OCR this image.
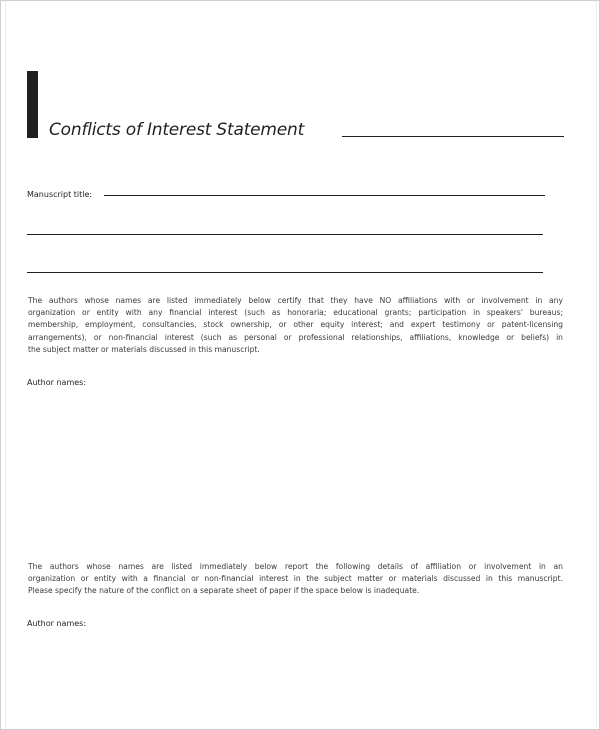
Conflicts of Interest Statement
Manuscript title:
The authors whose names are listed immediately below certify that they have NO affiliations with or involvement in any
organization or entity with any financial interest (such as honoraria; educational grants; participation in speakers' bureaus;
membership, employment, consultancies, stock ownership, or other equity interest; and expert testimony or patent-licensing
arrangements), or non-financial interest (such as personal or professional relationships, affiliations, knowledge or beliefs) in
the subject matter or materials discussed in this manuscript.
Author names:
The authors whose names are listed immediately below report the following details of affiliation or involvement in an
organization or entity with a financial or non-financial interest in the subject matter or materials discussed in this manuscript.
Please specify the nature of the conflict on a separate sheet of paper if the space below is inadequate.
Author names:
